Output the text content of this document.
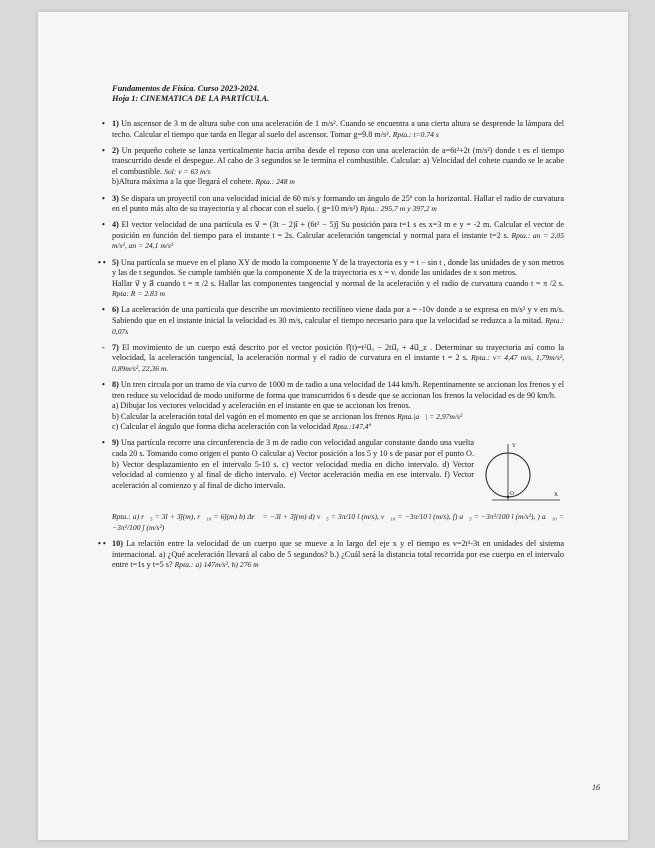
Fundamentos de Física. Curso 2023-2024.
Hoja 1: CINEMATICA DE LA PARTÍCULA.
• 1) Un ascensor de 3 m de altura sube con una aceleración de 1 m/s². Cuando se encuentra a una cierta altura se desprende la lámpara del techo. Calcular el tiempo que tarda en llegar al suelo del ascensor. Tomar g=9.8 m/s². Rpta.: t=0.74 s

• 2) Un pequeño cohete se lanza verticalmente hacia arriba desde el reposo con una aceleración de a=6t²+2t (m/s²) donde t es el tiempo transcurrido desde el despegue. Al cabo de 3 segundos se le termina el combustible. Calcular: a) Velocidad del cohete cuando se le acabe el combustible. Sol: v = 63 m/s

b)Altura máxima a la que llegará el cohete. Rpta.: 248 m

• 3) Se dispara un proyectil con una velocidad inicial de 60 m/s y formando un ángulo de 25º con la horizontal. Hallar el radio de curvatura en el punto más alto de su trayectoria y al chocar con el suelo. ( g=10 m/s²) Rpta.: 295,7 m y 397,2 m

• 4) El vector velocidad de una partícula es v⃗ = (3t − 2)î + (6t² − 5)ĵ Su posición para t=1 s es x=3 m e y = -2 m. Calcular el vector de posición en función del tiempo para el instante t = 2s. Calcular aceleración tangencial y normal para el instante t=2 s. Rpta.: an = 2,05 m/s², an = 24,1 m/s²

• • 5) Una partícula se mueve en el plano XY de modo la componente Y de la trayectoria es y = t − sin t , donde las unidades de y son metros y las de t segundos. Se cumple también que la componente X de la trayectoria es x = vᵣ donde las unidades de x son metros.

Hallar v⃗ y a⃗ cuando t = π /2 s. Hallar las componentes tangencial y normal de la aceleración y el radio de curvatura cuando t = π /2 s. Rpta: R = 2.83 m

• 6) La aceleración de una partícula que describe un movimiento rectilíneo viene dada por a = -10v donde a se expresa en m/s² y v en m/s. Sabiendo que en el instante inicial la velocidad es 30 m/s, calcular el tiempo necesario para que la velocidad se reduzca a la mitad. Rpta.: 0,07s

- 7) El movimiento de un cuerpo está descrito por el vector posición r⃗(t)=t²u⃗ₓ − 2tu⃗ᵧ + 4u⃗_z . Determinar su trayectoria así como la velocidad, la aceleración tangencial, la aceleración normal y el radio de curvatura en el instante t = 2 s. Rpta.: v= 4,47 m/s, 1,79m/s², 0,89m/s², 22,36 m.

• 8) Un tren circula por un tramo de vía curvo de 1000 m de radio a una velocidad de 144 km/h. Repentinamente se accionan los frenos y el tren reduce su velocidad de modo uniforme de forma que transcurridos 6 s desde que se accionan los frenos la velocidad es de 90 km/h.

a) Dibujar los vectores velocidad y aceleración en el instante en que se accionan los frenos.

b) Calcular la aceleración total del vagón en el momento en que se accionan los frenos Rpta.|a⃗| = 2,97m/s²

c) Calcular el ángulo que forma dicha aceleración con la velocidad Rpta.:147,4º

• 9) Una partícula recorre una circunferencia de 3 m de radio con velocidad angular constante dando una vuelta cada 20 s. Tomando como origen el punto O calcular a) Vector posición a los 5 y 10 s de pasar por el punto O. b) Vector desplazamiento en el intervalo 5-10 s. c) vector velocidad media en dicho intervalo. d) Vector velocidad al comienzo y al final de dicho intervalo. e) Vector aceleración media en ese intervalo. f) Vector aceleración al comienzo y al final de dicho intervalo.

Y
X
O

Rpta.: a) r⃗₅ = 3î + 3ĵ(m), r⃗₁₀ = 6ĵ(m) b) Δr⃗ = −3î + 3ĵ(m) d) v⃗₅ = 3π/10 î (m/s), v⃗₁₀ = −3π/10 î (m/s), f) a⃗₅ = −3π²/100 î (m/s²), ) a⃗₁₀ = −3π²/100 ĵ (m/s²)

• • 10) La relación entre la velocidad de un cuerpo que se mueve a lo largo del eje x y el tiempo es v=2t³-3t en unidades del sistema internacional. a) ¿Qué aceleración llevará al cabo de 5 segundos? b.) ¿Cuál será la distancia total recorrida por ese cuerpo en el intervalo entre t=1s y t=5 s? Rpta.: a) 147m/s², b) 276 m

16
